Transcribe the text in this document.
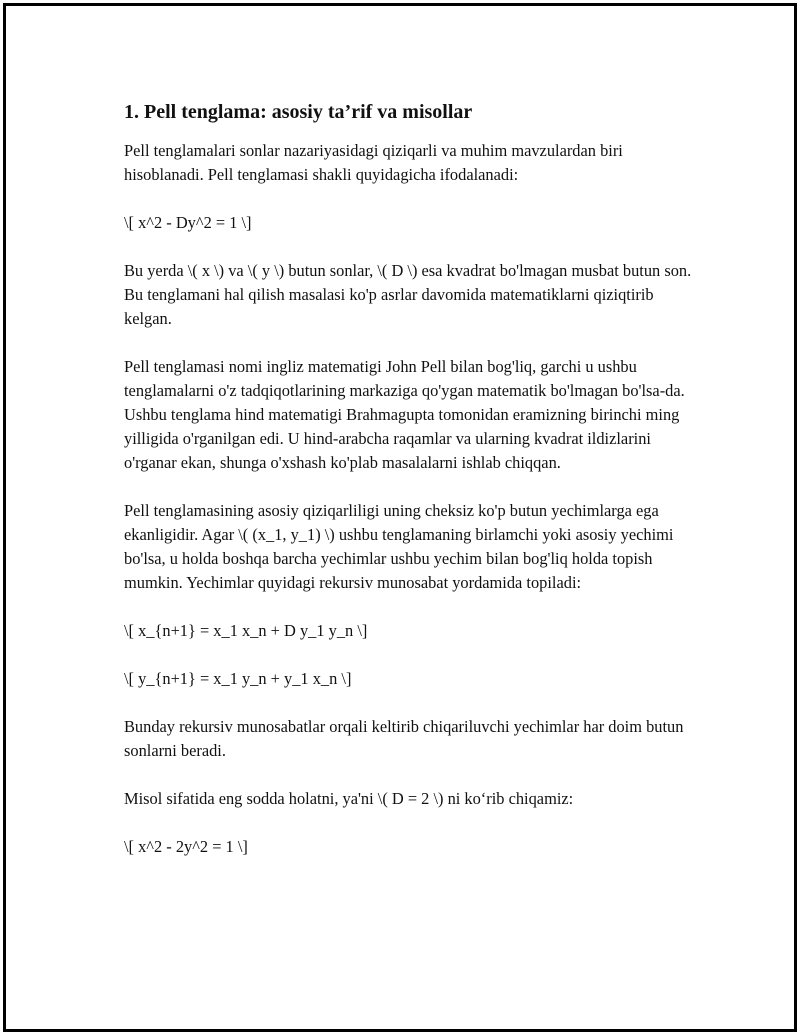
1. Pell tenglama: asosiy ta’rif va misollar

Pell tenglamalari sonlar nazariyasidagi qiziqarli va muhim mavzulardan biri hisoblanadi. Pell tenglamasi shakli quyidagicha ifodalanadi:

\[ x^2 - Dy^2 = 1 \]

Bu yerda \( x \) va \( y \) butun sonlar, \( D \) esa kvadrat bo'lmagan musbat butun son. Bu tenglamani hal qilish masalasi ko'p asrlar davomida matematiklarni qiziqtirib kelgan.

Pell tenglamasi nomi ingliz matematigi John Pell bilan bog'liq, garchi u ushbu tenglamalarni o'z tadqiqotlarining markaziga qo'ygan matematik bo'lmagan bo'lsa-da. Ushbu tenglama hind matematigi Brahmagupta tomonidan eramizning birinchi ming yilligida o'rganilgan edi. U hind-arabcha raqamlar va ularning kvadrat ildizlarini o'rganar ekan, shunga o'xshash ko'plab masalalarni ishlab chiqqan.

Pell tenglamasining asosiy qiziqarliligi uning cheksiz ko'p butun yechimlarga ega ekanligidir. Agar \( (x_1, y_1) \) ushbu tenglamaning birlamchi yoki asosiy yechimi bo'lsa, u holda boshqa barcha yechimlar ushbu yechim bilan bog'liq holda topish mumkin. Yechimlar quyidagi rekursiv munosabat yordamida topiladi:

\[ x_{n+1} = x_1 x_n + D y_1 y_n \]

\[ y_{n+1} = x_1 y_n + y_1 x_n \]

Bunday rekursiv munosabatlar orqali keltirib chiqariluvchi yechimlar har doim butun sonlarni beradi.

Misol sifatida eng sodda holatni, ya'ni \( D = 2 \) ni ko‘rib chiqamiz:

\[ x^2 - 2y^2 = 1 \]
